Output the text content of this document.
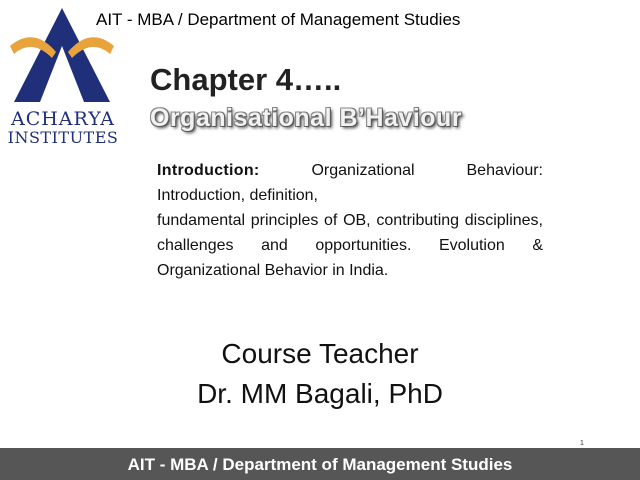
ACHARYA
INSTITUTES
AIT - MBA / Department of Management Studies
Chapter 4…..
Organisational B’Haviour

Introduction:	Organizational Behaviour:

Introduction, definition,

fundamental principles of OB, contributing disciplines, challenges and opportunities. Evolution & Organizational Behavior in India.

Course Teacher
Dr. MM Bagali, PhD
1
AIT - MBA / Department of Management Studies
